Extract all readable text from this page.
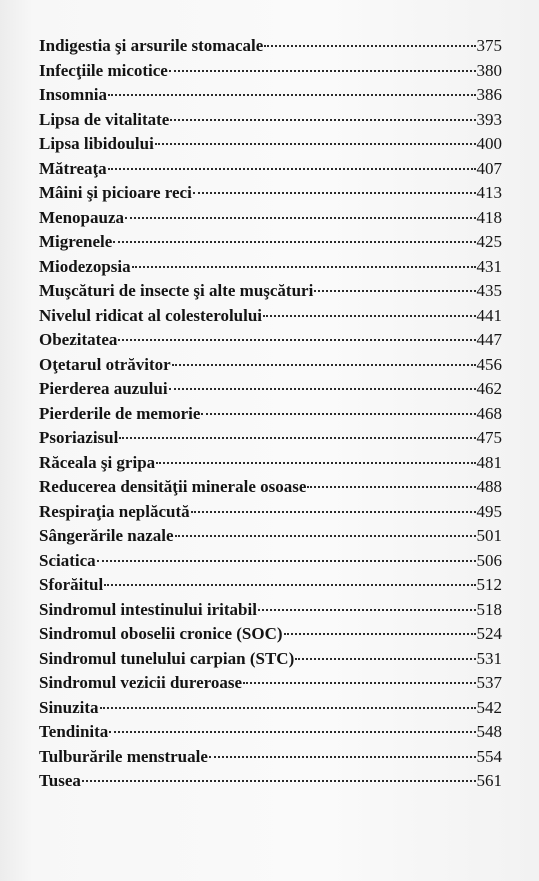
Indigestia şi arsurile stomacale	375
Infecţiile micotice	380
Insomnia	386
Lipsa de vitalitate	393
Lipsa libidoului	400
Mătreaţa	407
Mâini şi picioare reci	413
Menopauza	418
Migrenele	425
Miodezopsia	431
Muşcături de insecte şi alte muşcături	435
Nivelul ridicat al colesterolului	441
Obezitatea	447
Oţetarul otrăvitor	456
Pierderea auzului	462
Pierderile de memorie	468
Psoriazisul	475
Răceala şi gripa	481
Reducerea densităţii minerale osoase	488
Respiraţia neplăcută	495
Sângerările nazale	501
Sciatica	506
Sforăitul	512
Sindromul intestinului iritabil	518
Sindromul oboselii cronice (SOC)	524
Sindromul tunelului carpian (STC)	531
Sindromul vezicii dureroase	537
Sinuzita	542
Tendinita	548
Tulburările menstruale	554
Tusea	561
